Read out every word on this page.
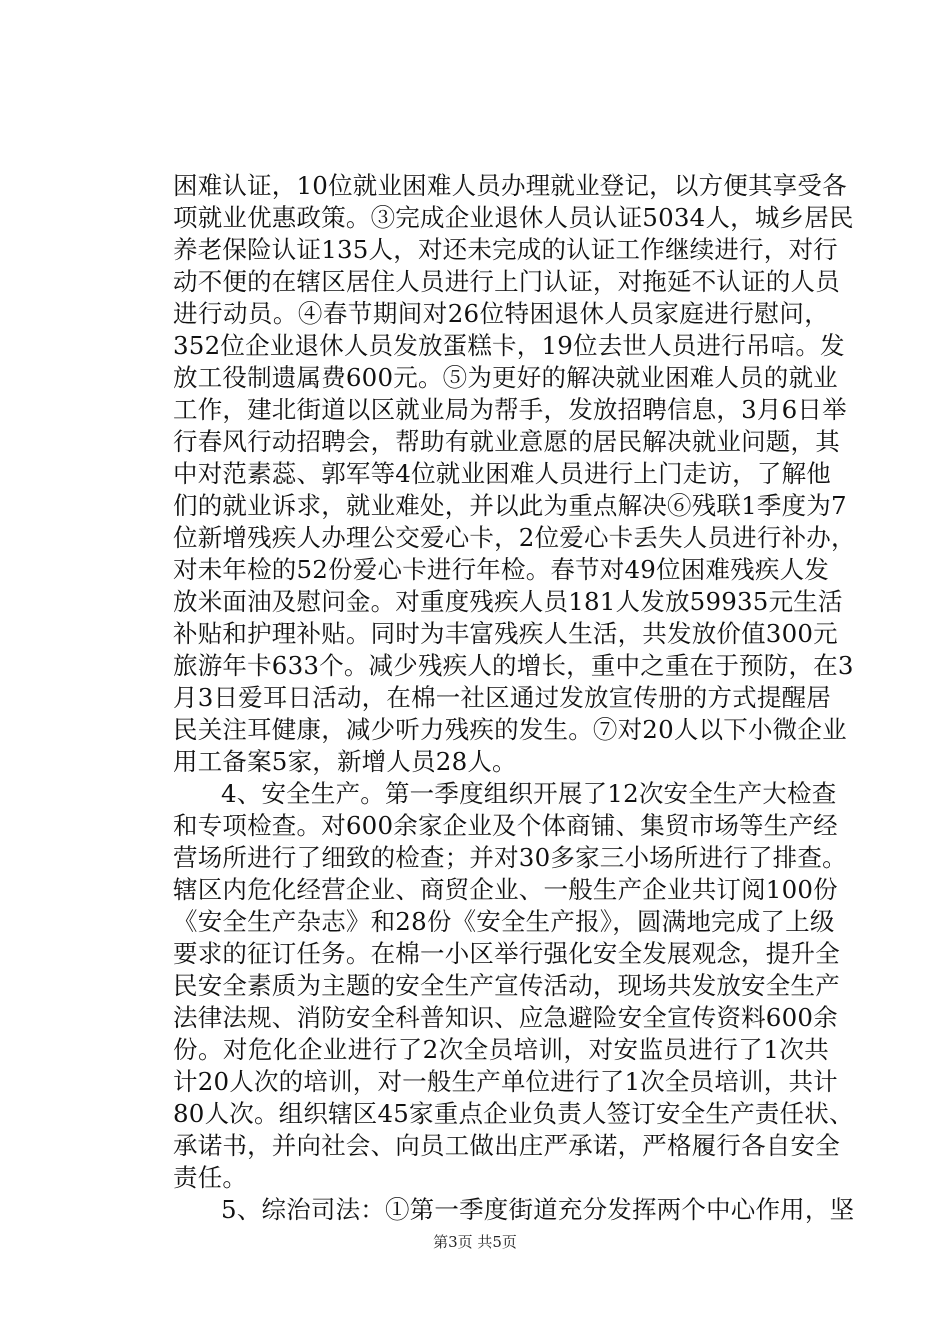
困难认证，10位就业困难人员办理就业登记，以方便其享受各
项就业优惠政策。③完成企业退休人员认证5034人，城乡居民
养老保险认证135人，对还未完成的认证工作继续进行，对行
动不便的在辖区居住人员进行上门认证，对拖延不认证的人员
进行动员。④春节期间对26位特困退休人员家庭进行慰问，
352位企业退休人员发放蛋糕卡，19位去世人员进行吊唁。发
放工役制遗属费600元。⑤为更好的解决就业困难人员的就业
工作，建北街道以区就业局为帮手，发放招聘信息，3月6日举
行春风行动招聘会，帮助有就业意愿的居民解决就业问题，其
中对范素蕊、郭军等4位就业困难人员进行上门走访，了解他
们的就业诉求，就业难处，并以此为重点解决⑥残联1季度为7
位新增残疾人办理公交爱心卡，2位爱心卡丢失人员进行补办，
对未年检的52份爱心卡进行年检。春节对49位困难残疾人发
放米面油及慰问金。对重度残疾人员181人发放59935元生活
补贴和护理补贴。同时为丰富残疾人生活，共发放价值300元
旅游年卡633个。减少残疾人的增长，重中之重在于预防，在3
月3日爱耳日活动，在棉一社区通过发放宣传册的方式提醒居
民关注耳健康，减少听力残疾的发生。⑦对20人以下小微企业
用工备案5家，新增人员28人。
4、安全生产。第一季度组织开展了12次安全生产大检查
和专项检查。对600余家企业及个体商铺、集贸市场等生产经
营场所进行了细致的检查；并对30多家三小场所进行了排查。
辖区内危化经营企业、商贸企业、一般生产企业共订阅100份
《安全生产杂志》和28份《安全生产报》，圆满地完成了上级
要求的征订任务。在棉一小区举行强化安全发展观念，提升全
民安全素质为主题的安全生产宣传活动，现场共发放安全生产
法律法规、消防安全科普知识、应急避险安全宣传资料600余
份。对危化企业进行了2次全员培训，对安监员进行了1次共
计20人次的培训，对一般生产单位进行了1次全员培训，共计
80人次。组织辖区45家重点企业负责人签订安全生产责任状、
承诺书，并向社会、向员工做出庄严承诺，严格履行各自安全
责任。
5、综治司法：①第一季度街道充分发挥两个中心作用，坚
第3页 共5页
